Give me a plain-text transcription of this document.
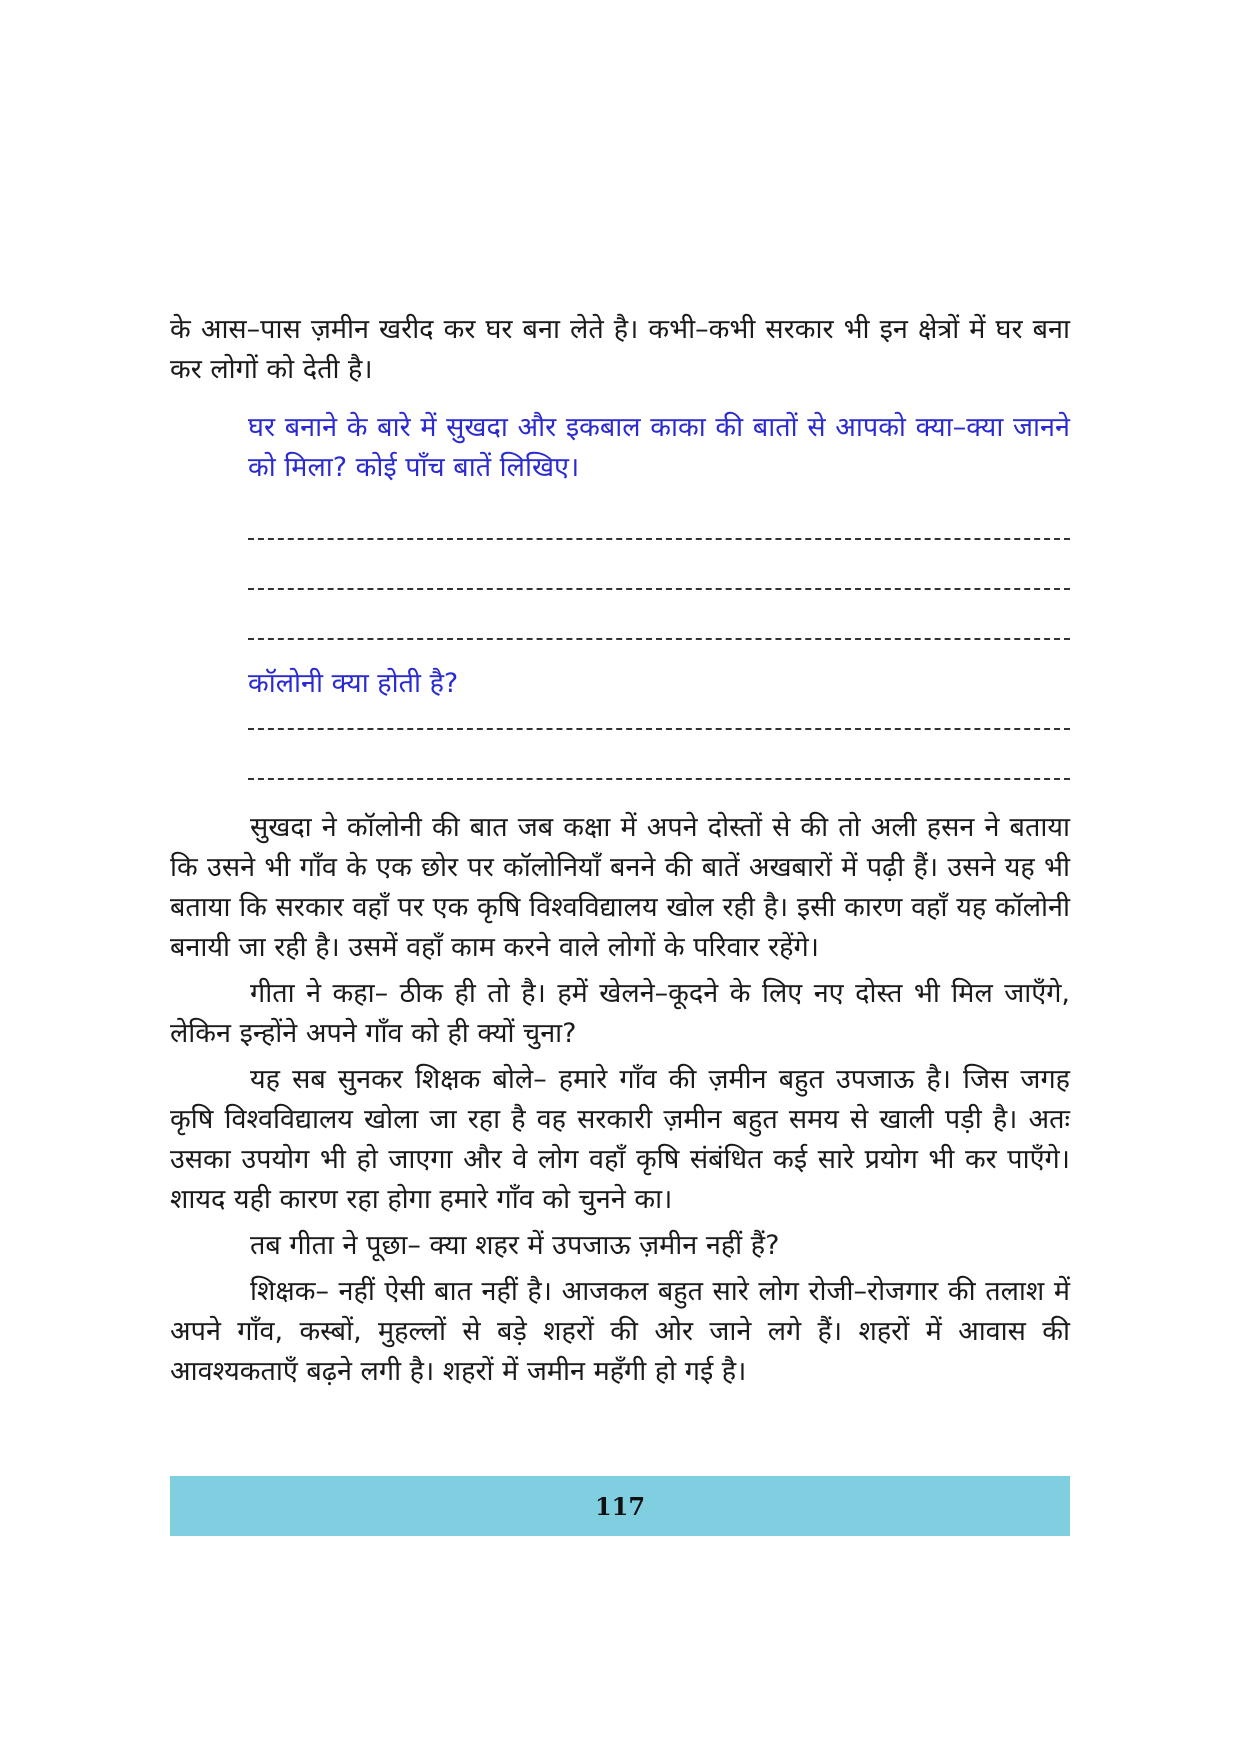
के आस–पास ज़मीन खरीद कर घर बना लेते है। कभी–कभी सरकार भी इन क्षेत्रों में घर बना कर लोगों को देती है।

घर बनाने के बारे में सुखदा और इकबाल काका की बातों से आपको क्या–क्या जानने को मिला? कोई पाँच बातें लिखिए।

कॉलोनी क्या होती है?

सुखदा ने कॉलोनी की बात जब कक्षा में अपने दोस्तों से की तो अली हसन ने बताया कि उसने भी गाँव के एक छोर पर कॉलोनियाँ बनने की बातें अखबारों में पढ़ी हैं। उसने यह भी बताया कि सरकार वहाँ पर एक कृषि विश्वविद्यालय खोल रही है। इसी कारण वहाँ यह कॉलोनी बनायी जा रही है। उसमें वहाँ काम करने वाले लोगों के परिवार रहेंगे।

गीता ने कहा– ठीक ही तो है। हमें खेलने–कूदने के लिए नए दोस्त भी मिल जाएँगे, लेकिन इन्होंने अपने गाँव को ही क्यों चुना?

यह सब सुनकर शिक्षक बोले– हमारे गाँव की ज़मीन बहुत उपजाऊ है। जिस जगह कृषि विश्वविद्यालय खोला जा रहा है वह सरकारी ज़मीन बहुत समय से खाली पड़ी है। अतः उसका उपयोग भी हो जाएगा और वे लोग वहाँ कृषि संबंधित कई सारे प्रयोग भी कर पाएँगे। शायद यही कारण रहा होगा हमारे गाँव को चुनने का।

तब गीता ने पूछा– क्या शहर में उपजाऊ ज़मीन नहीं हैं?

शिक्षक– नहीं ऐसी बात नहीं है। आजकल बहुत सारे लोग रोजी–रोजगार की तलाश में अपने गाँव, कस्बों, मुहल्लों से बड़े शहरों की ओर जाने लगे हैं। शहरों में आवास की आवश्यकताएँ बढ़ने लगी है। शहरों में जमीन महँगी हो गई है।

117
